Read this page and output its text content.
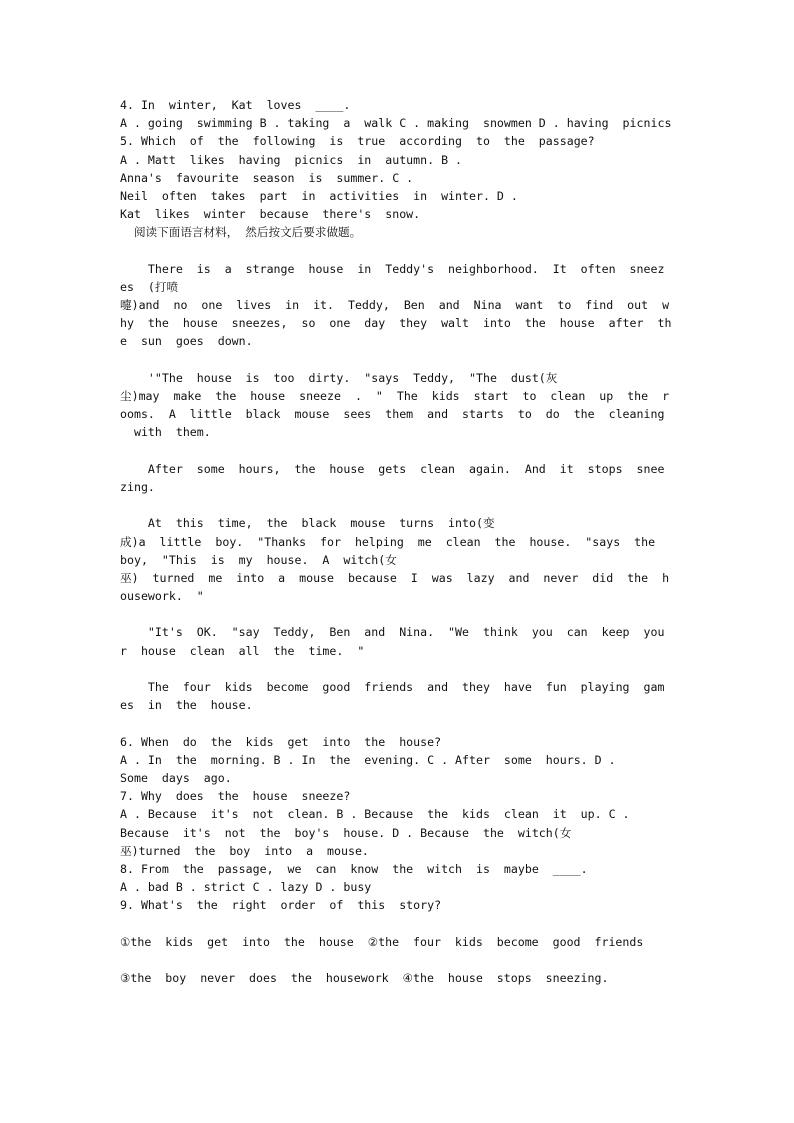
4. In  winter,  Kat  loves  ____.
A . going  swimming B . taking  a  walk C . making  snowmen D . having  picnics
5. Which  of  the  following  is  true  according  to  the  passage?
A . Matt  likes  having  picnics  in  autumn. B .
Anna's  favourite  season  is  summer. C .
Neil  often  takes  part  in  activities  in  winter. D .
Kat  likes  winter  because  there's  snow.
阅读下面语言材料， 然后按文后要求做题。
There  is  a  strange  house  in  Teddy's  neighborhood.  It  often  sneez
es  (打喷
嚏)and  no  one  lives  in  it.  Teddy,  Ben  and  Nina  want  to  find  out  w
hy  the  house  sneezes,  so  one  day  they  walt  into  the  house  after  th
e  sun  goes  down.
'"The  house  is  too  dirty.  "says  Teddy,  "The  dust(灰
尘)may  make  the  house  sneeze  .  "  The  kids  start  to  clean  up  the  r
ooms.  A  little  black  mouse  sees  them  and  starts  to  do  the  cleaning
with  them.
After  some  hours,  the  house  gets  clean  again.  And  it  stops  snee
zing.
At  this  time,  the  black  mouse  turns  into(变
成)a  little  boy.  "Thanks  for  helping  me  clean  the  house.  "says  the
boy,  "This  is  my  house.  A  witch(女
巫)  turned  me  into  a  mouse  because  I  was  lazy  and  never  did  the  h
ousework.  "
"It's  OK.  "say  Teddy,  Ben  and  Nina.  "We  think  you  can  keep  you
r  house  clean  all  the  time.  "
The  four  kids  become  good  friends  and  they  have  fun  playing  gam
es  in  the  house.
6. When  do  the  kids  get  into  the  house?
A . In  the  morning. B . In  the  evening. C . After  some  hours. D .
Some  days  ago.
7. Why  does  the  house  sneeze?
A . Because  it's  not  clean. B . Because  the  kids  clean  it  up. C .
Because  it's  not  the  boy's  house. D . Because  the  witch(女
巫)turned  the  boy  into  a  mouse.
8. From  the  passage,  we  can  know  the  witch  is  maybe  ____.
A . bad B . strict C . lazy D . busy
9. What's  the  right  order  of  this  story?
①the  kids  get  into  the  house  ②the  four  kids  become  good  friends
③the  boy  never  does  the  housework  ④the  house  stops  sneezing.
